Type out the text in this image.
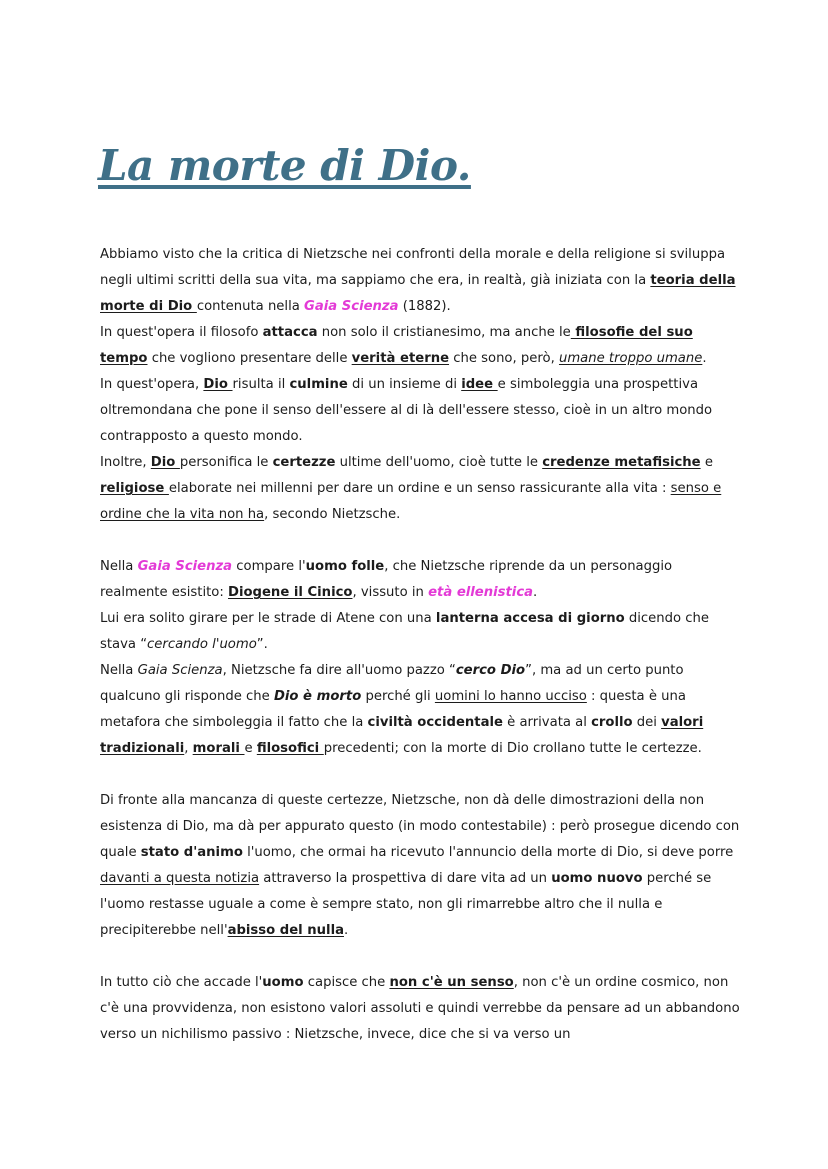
La morte di Dio.

Abbiamo visto che la critica di Nietzsche nei confronti della morale e della religione si sviluppa negli ultimi scritti della sua vita, ma sappiamo che era, in realtà, già iniziata con la teoria della morte di Dio contenuta nella Gaia Scienza (1882).

In quest'opera il filosofo attacca non solo il cristianesimo, ma anche le filosofie del suo tempo che vogliono presentare delle verità eterne che sono, però, umane troppo umane.

In quest'opera, Dio risulta il culmine di un insieme di idee e simboleggia una prospettiva oltremondana che pone il senso dell'essere al di là dell'essere stesso, cioè in un altro mondo contrapposto a questo mondo.

Inoltre, Dio personifica le certezze ultime dell'uomo, cioè tutte le credenze metafisiche e religiose elaborate nei millenni per dare un ordine e un senso rassicurante alla vita : senso e ordine che la vita non ha, secondo Nietzsche.

Nella Gaia Scienza compare l'uomo folle, che Nietzsche riprende da un personaggio realmente esistito: Diogene il Cinico, vissuto in età ellenistica.

Lui era solito girare per le strade di Atene con una lanterna accesa di giorno dicendo che stava “cercando l'uomo”.

Nella Gaia Scienza, Nietzsche fa dire all'uomo pazzo “cerco Dio”, ma ad un certo punto qualcuno gli risponde che Dio è morto perché gli uomini lo hanno ucciso : questa è una metafora che simboleggia il fatto che la civiltà occidentale è arrivata al crollo dei valori tradizionali, morali e filosofici precedenti; con la morte di Dio crollano tutte le certezze.

Di fronte alla mancanza di queste certezze, Nietzsche, non dà delle dimostrazioni della non esistenza di Dio, ma dà per appurato questo (in modo contestabile) : però prosegue dicendo con quale stato d'animo l'uomo, che ormai ha ricevuto l'annuncio della morte di Dio, si deve porre davanti a questa notizia attraverso la prospettiva di dare vita ad un uomo nuovo perché se l'uomo restasse uguale a come è sempre stato, non gli rimarrebbe altro che il nulla e precipiterebbe nell'abisso del nulla.

In tutto ciò che accade l'uomo capisce che non c'è un senso, non c'è un ordine cosmico, non c'è una provvidenza, non esistono valori assoluti e quindi verrebbe da pensare ad un abbandono verso un nichilismo passivo : Nietzsche, invece, dice che si va verso un
